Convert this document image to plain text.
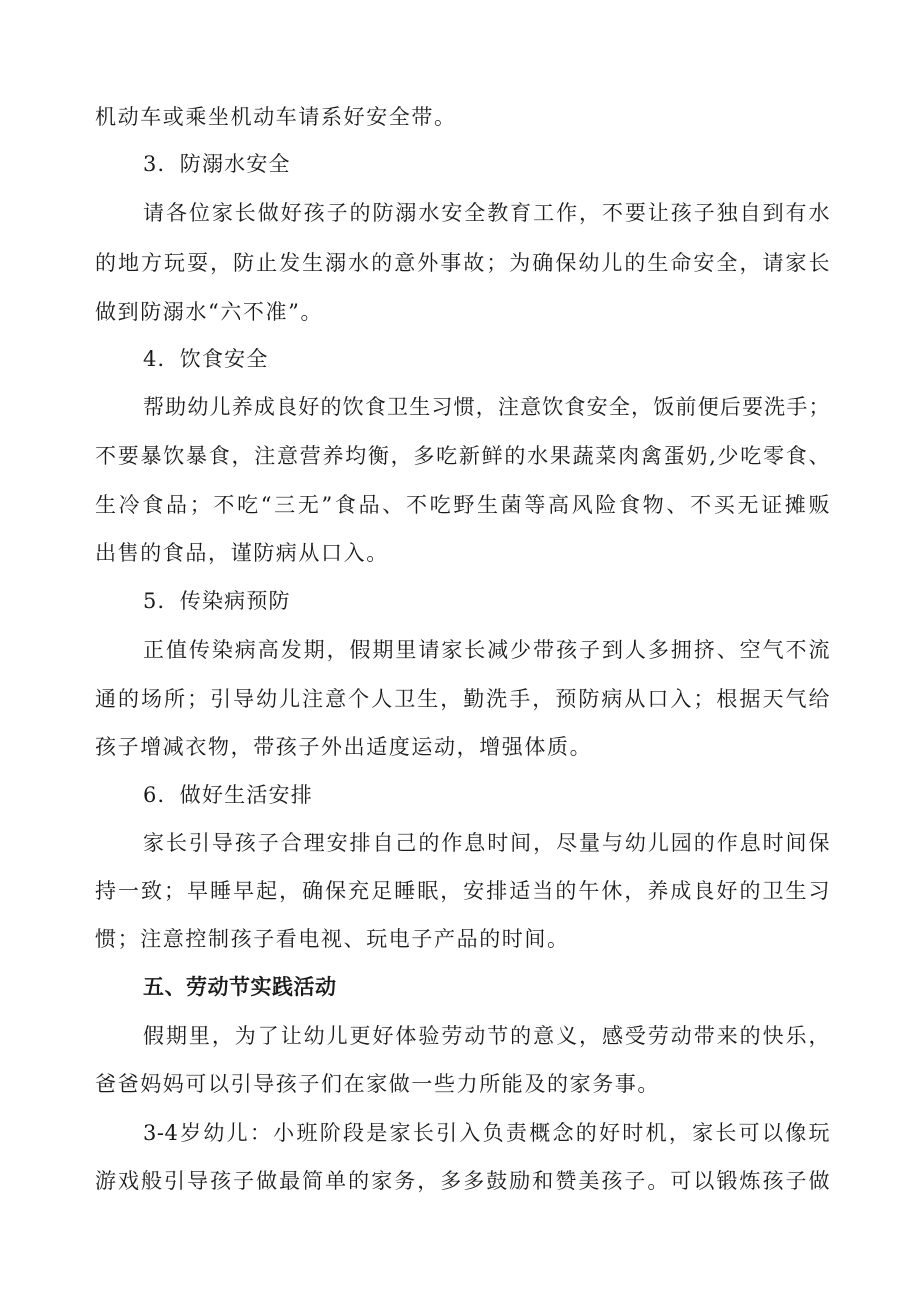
机动车或乘坐机动车请系好安全带。
3．防溺水安全
请各位家长做好孩子的防溺水安全教育工作，不要让孩子独自到有水
的地方玩耍，防止发生溺水的意外事故；为确保幼儿的生命安全，请家长
做到防溺水“六不准”。
4．饮食安全
帮助幼儿养成良好的饮食卫生习惯，注意饮食安全，饭前便后要洗手；
不要暴饮暴食，注意营养均衡，多吃新鲜的水果蔬菜肉禽蛋奶,少吃零食、
生冷食品；不吃“三无”食品、不吃野生菌等高风险食物、不买无证摊贩
出售的食品，谨防病从口入。
5．传染病预防
正值传染病高发期，假期里请家长减少带孩子到人多拥挤、空气不流
通的场所；引导幼儿注意个人卫生，勤洗手，预防病从口入；根据天气给
孩子增减衣物，带孩子外出适度运动，增强体质。
6．做好生活安排
家长引导孩子合理安排自己的作息时间，尽量与幼儿园的作息时间保
持一致；早睡早起，确保充足睡眠，安排适当的午休，养成良好的卫生习
惯；注意控制孩子看电视、玩电子产品的时间。
五、劳动节实践活动
假期里，为了让幼儿更好体验劳动节的意义，感受劳动带来的快乐，
爸爸妈妈可以引导孩子们在家做一些力所能及的家务事。
3-4岁幼儿：小班阶段是家长引入负责概念的好时机，家长可以像玩
游戏般引导孩子做最简单的家务，多多鼓励和赞美孩子。可以锻炼孩子做
